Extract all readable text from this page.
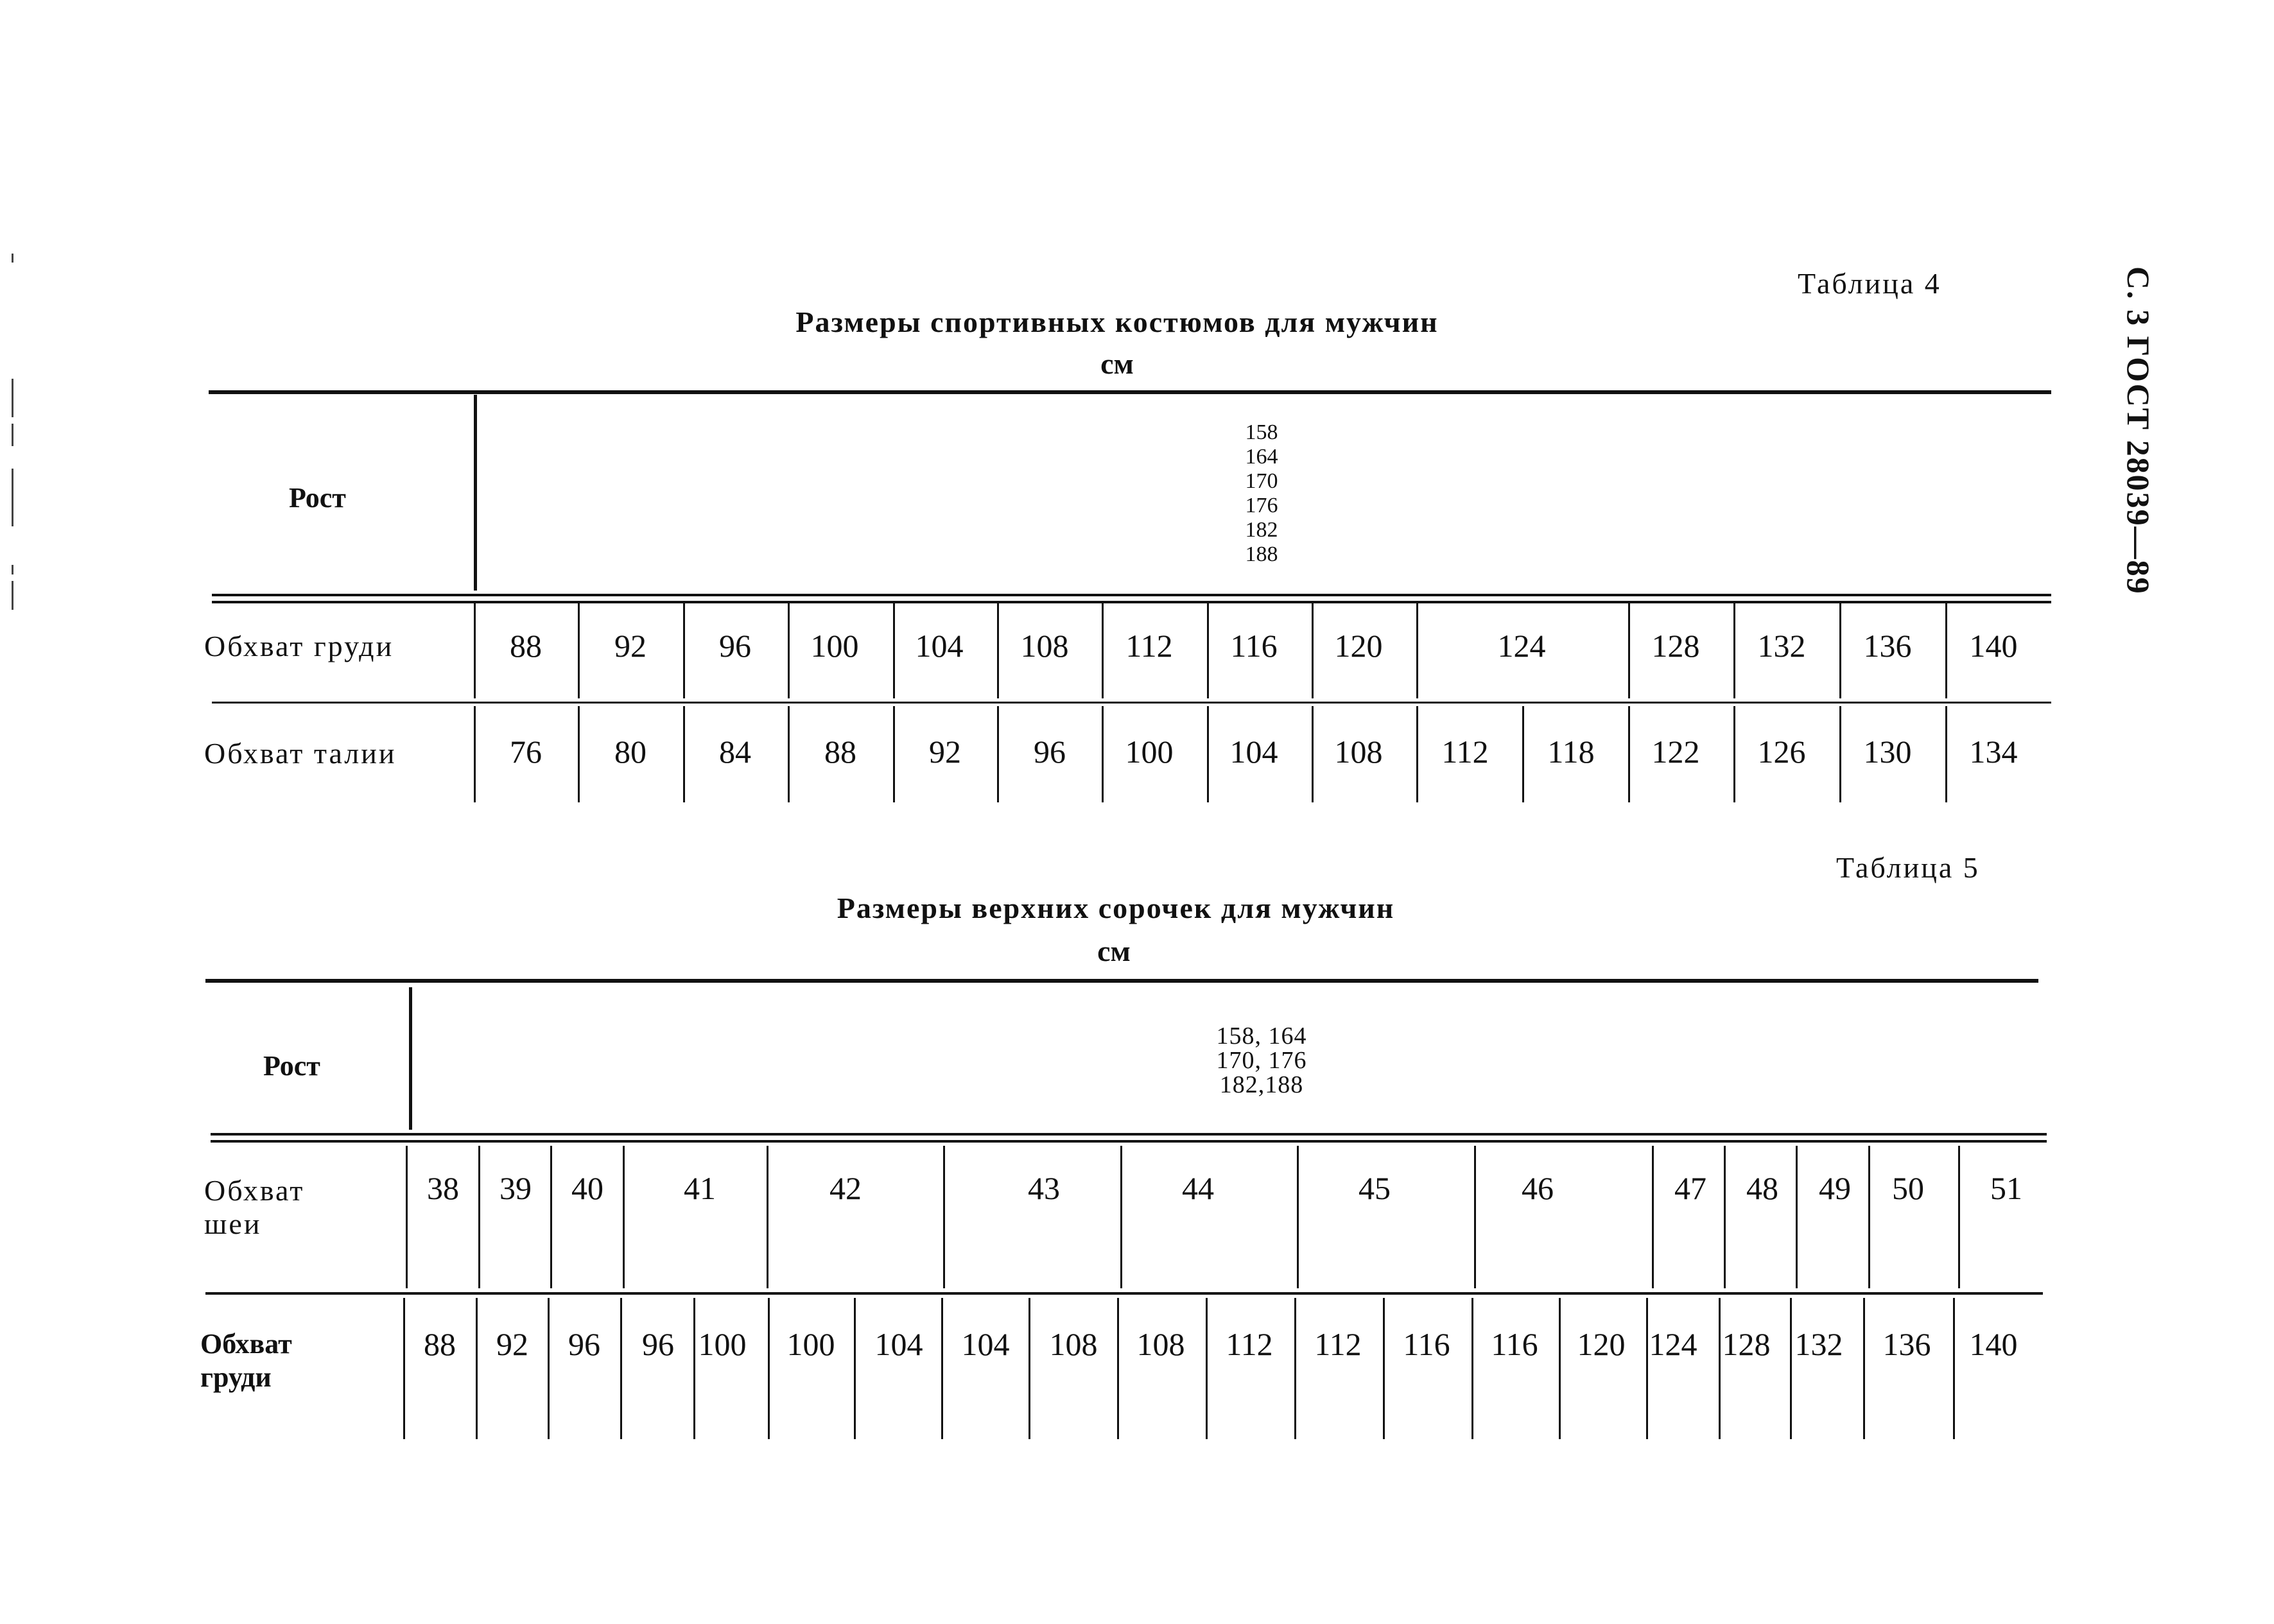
С. 3 ГОСТ 28039—89
Таблица 4
Размеры спортивных костюмов для мужчин
см
Рост
158
164
170
176
182
188
Обхват груди	88 92 96 100 104 108 112 116 120	124	128 132 136 140
Обхват талии	76 80 84 88 92 96 100 104 108 112 118 122 126 130 134
Таблица 5
Размеры верхних сорочек для мужчин
см
Рост
158, 164
170, 176
182,188
Обхват
шеи
38 39 40	41	42	43	44	45	46	47 48 49 50 51
Обхват
груди
88 92 96 96 100 100 104 104 108 108 112 112 116 116 120 124 128 132 136 140
